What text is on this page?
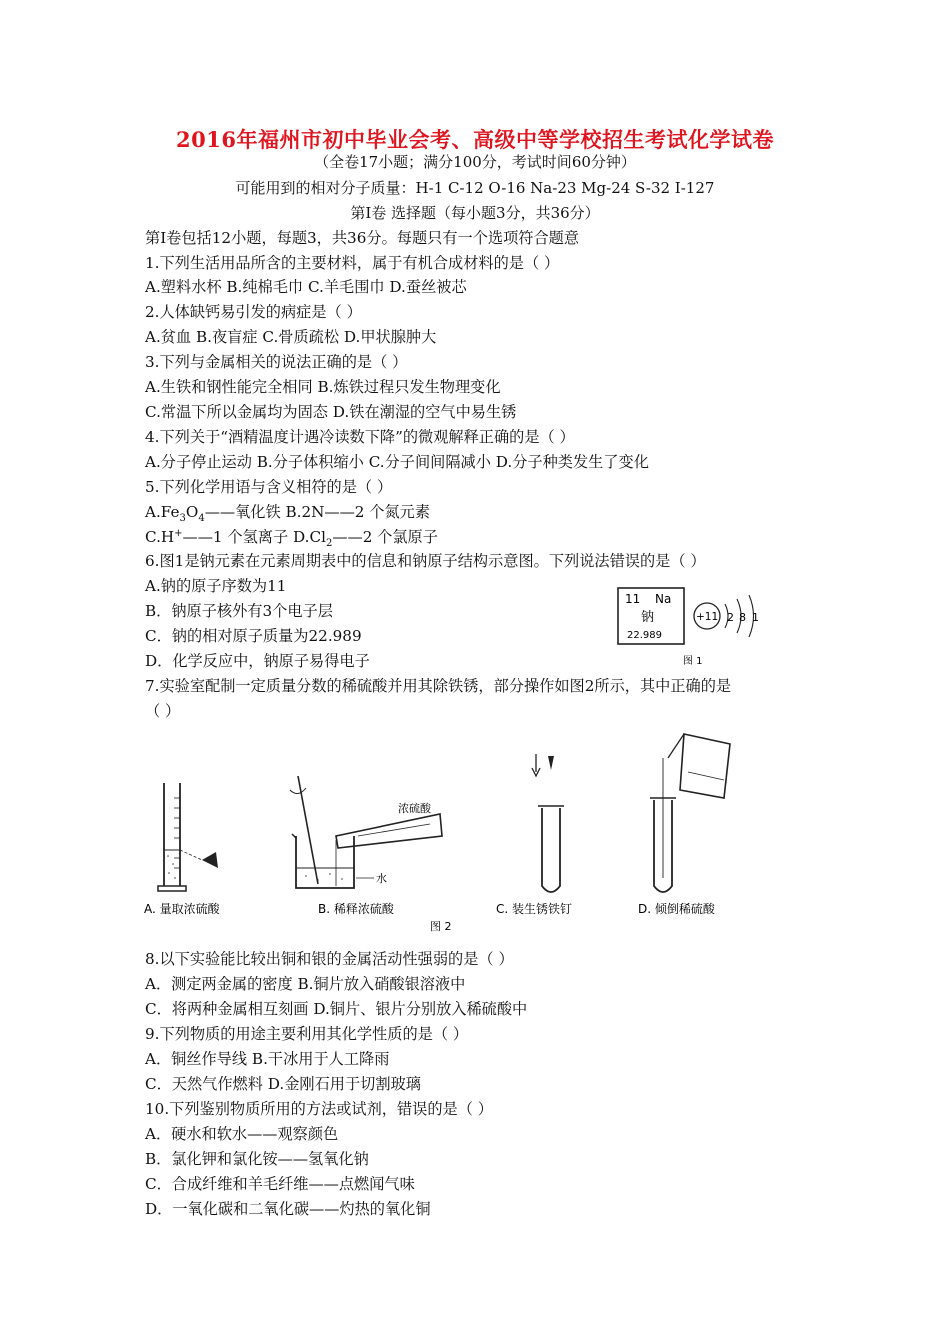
2016年福州市初中毕业会考、高级中等学校招生考试化学试卷
（全卷17小题；满分100分，考试时间60分钟）
可能用到的相对分子质量：H-1 C-12 O-16 Na-23 Mg-24 S-32 I-127
第Ⅰ卷 选择题（每小题3分，共36分）
第Ⅰ卷包括12小题，每题3，共36分。每题只有一个选项符合题意
1.下列生活用品所含的主要材料，属于有机合成材料的是（ ）
A.塑料水杯 B.纯棉毛巾 C.羊毛围巾 D.蚕丝被芯
2.人体缺钙易引发的病症是（ ）
A.贫血 B.夜盲症 C.骨质疏松 D.甲状腺肿大
3.下列与金属相关的说法正确的是（ ）
A.生铁和钢性能完全相同 B.炼铁过程只发生物理变化
C.常温下所以金属均为固态 D.铁在潮湿的空气中易生锈
4.下列关于“酒精温度计遇冷读数下降”的微观解释正确的是（ ）
A.分子停止运动 B.分子体积缩小 C.分子间间隔减小 D.分子种类发生了变化
5.下列化学用语与含义相符的是（ ）
$A.Fe_3O_4——$氧化铁 B.2N——2 个氮元素
C.H+——1 个氢离子 $D.Cl_2——2$ 个氯原子
6.图1是钠元素在元素周期表中的信息和钠原子结构示意图。下列说法错误的是（ ）
A.钠的原子序数为11
B．钠原子核外有3个电子层
C．钠的相对原子质量为22.989
D．化学反应中，钠原子易得电子
11 Na
钠
22.989
+11 2 8 1
图 1
7.实验室配制一定质量分数的稀硫酸并用其除铁锈，部分操作如图2所示，其中正确的是
（ ）
A. 量取浓硫酸
浓硫酸
水
B. 稀释浓硫酸	C. 装生锈铁钉	D. 倾倒稀硫酸
图 2
8.以下实验能比较出铜和银的金属活动性强弱的是（ ）
A．测定两金属的密度 B.铜片放入硝酸银溶液中
C．将两种金属相互刻画 D.铜片、银片分别放入稀硫酸中
9.下列物质的用途主要利用其化学性质的是（ ）
A．铜丝作导线 B.干冰用于人工降雨
C．天然气作燃料 D.金刚石用于切割玻璃
10.下列鉴别物质所用的方法或试剂，错误的是（ ）
A．硬水和软水——观察颜色
B．氯化钾和氯化铵——氢氧化钠
C．合成纤维和羊毛纤维——点燃闻气味
D．一氧化碳和二氧化碳——灼热的氧化铜
